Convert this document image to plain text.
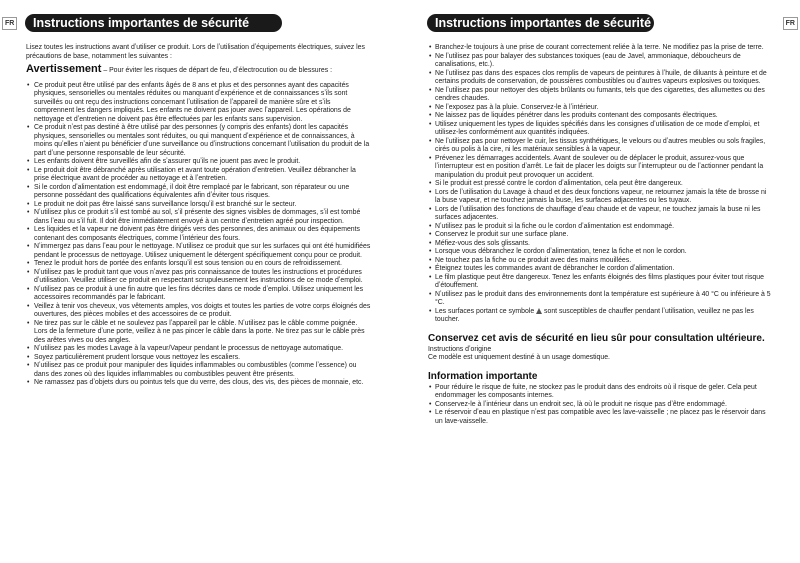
FR	Instructions importantes de sécurité

Lisez toutes les instructions avant dʼutiliser ce produit. Lors de lʼutilisation dʼéquipements électriques, suivez les précautions de base, notamment les suivantes :

Avertissement – Pour éviter les risques de départ de feu, dʼélectrocution ou de blessures :

• Ce produit peut être utilisé par des enfants âgés de 8 ans et plus et des personnes ayant des capacités physiques, sensorielles ou mentales réduites ou manquant dʼexpérience et de connaissances sʼils sont surveillés ou ont reçu des instructions concernant lʼutilisation de lʼappareil de manière sûre et sʼils comprennent les dangers impliqués. Les enfants ne doivent pas jouer avec lʼappareil. Les opérations de nettoyage et dʼentretien ne doivent pas être effectuées par les enfants sans supervision.
• Ce produit nʼest pas destiné à être utilisé par des personnes (y compris des enfants) dont les capacités physiques, sensorielles ou mentales sont réduites, ou qui manquent dʼexpérience et de connaissances, à moins quʼelles nʼaient pu bénéficier dʼune surveillance ou dʼinstructions concernant lʼutilisation du produit de la part dʼune personne responsable de leur sécurité.
• Les enfants doivent être surveillés afin de sʼassurer quʼils ne jouent pas avec le produit.
• Le produit doit être débranché après utilisation et avant toute opération dʼentretien. Veuillez débrancher la prise électrique avant de procéder au nettoyage et à lʼentretien.
• Si le cordon dʼalimentation est endommagé, il doit être remplacé par le fabricant, son réparateur ou une personne possédant des qualifications équivalentes afin dʼéviter tous risques.
• Le produit ne doit pas être laissé sans surveillance lorsquʼil est branché sur le secteur.
• Nʼutilisez plus ce produit sʼil est tombé au sol, sʼil présente des signes visibles de dommages, sʼil est tombé dans lʼeau ou sʼil fuit. Il doit être immédiatement envoyé à un centre dʼentretien agréé pour inspection.
• Les liquides et la vapeur ne doivent pas être dirigés vers des personnes, des animaux ou des équipements contenant des composants électriques, comme lʼintérieur des fours.
• Nʼimmergez pas dans lʼeau pour le nettoyage. Nʼutilisez ce produit que sur les surfaces qui ont été humidifiées pendant le processus de nettoyage. Utilisez uniquement le détergent spécifiquement conçu pour ce produit.
• Tenez le produit hors de portée des enfants lorsquʼil est sous tension ou en cours de refroidissement.
• Nʼutilisez pas le produit tant que vous nʼavez pas pris connaissance de toutes les instructions et procédures dʼutilisation. Veuillez utiliser ce produit en respectant scrupuleusement les instructions de ce mode dʼemploi.
• Nʼutilisez pas ce produit à une fin autre que les fins décrites dans ce mode dʼemploi. Utilisez uniquement les accessoires recommandés par le fabricant.
• Veillez à tenir vos cheveux, vos vêtements amples, vos doigts et toutes les parties de votre corps éloignés des ouvertures, des pièces mobiles et des accessoires de ce produit.
• Ne tirez pas sur le câble et ne soulevez pas lʼappareil par le câble. Nʼutilisez pas le câble comme poignée. Lors de la fermeture dʼune porte, veillez à ne pas pincer le câble dans la porte. Ne tirez pas sur le câble près des arêtes vives ou des angles.
• Nʼutilisez pas les modes Lavage à la vapeur/Vapeur pendant le processus de nettoyage automatique.
• Soyez particulièrement prudent lorsque vous nettoyez les escaliers.
• Nʼutilisez pas ce produit pour manipuler des liquides inflammables ou combustibles (comme lʼessence) ou dans des zones où des liquides inflammables ou combustibles peuvent être présents.
• Ne ramassez pas dʼobjets durs ou pointus tels que du verre, des clous, des vis, des pièces de monnaie, etc.
FR
Instructions importantes de sécurité
• Branchez-le toujours à une prise de courant correctement reliée à la terre. Ne modifiez pas la prise de terre.
• Ne lʼutilisez pas pour balayer des substances toxiques (eau de Javel, ammoniaque, déboucheurs de canalisations, etc.).
• Ne lʼutilisez pas dans des espaces clos remplis de vapeurs de peintures à lʼhuile, de diluants à peinture et de certains produits de conservation, de poussières combustibles ou dʼautres vapeurs explosives ou toxiques.
• Ne lʼutilisez pas pour nettoyer des objets brûlants ou fumants, tels que des cigarettes, des allumettes ou des cendres chaudes.
• Ne lʼexposez pas à la pluie. Conservez-le à lʼintérieur.
• Ne laissez pas de liquides pénétrer dans les produits contenant des composants électriques.
• Utilisez uniquement les types de liquides spécifiés dans les consignes dʼutilisation de ce mode dʼemploi, et utilisez-les conformément aux quantités indiquées.
• Ne lʼutilisez pas pour nettoyer le cuir, les tissus synthétiques, le velours ou dʼautres meubles ou sols fragiles, cirés ou polis à la cire, ni les matériaux sensibles à la vapeur.
• Prévenez les démarrages accidentels. Avant de soulever ou de déplacer le produit, assurez-vous que lʼinterrupteur est en position dʼarrêt. Le fait de placer les doigts sur lʼinterrupteur ou de lʼactionner pendant la manipulation du produit peut provoquer un accident.
• Si le produit est pressé contre le cordon dʼalimentation, cela peut être dangereux.
• Lors de lʼutilisation du Lavage à chaud et des deux fonctions vapeur, ne retournez jamais la tête de brosse ni la buse vapeur, et ne touchez jamais la buse, les surfaces adjacentes ou les tuyaux.
• Lors de lʼutilisation des fonctions de chauffage dʼeau chaude et de vapeur, ne touchez jamais la buse ni les surfaces adjacentes.
• Nʼutilisez pas le produit si la fiche ou le cordon dʼalimentation est endommagé.
• Conservez le produit sur une surface plane.
• Méfiez-vous des sols glissants.
• Lorsque vous débranchez le cordon dʼalimentation, tenez la fiche et non le cordon.
• Ne touchez pas la fiche ou ce produit avec des mains mouillées.
• Éteignez toutes les commandes avant de débrancher le cordon dʼalimentation.
• Le film plastique peut être dangereux. Tenez les enfants éloignés des films plastiques pour éviter tout risque dʼétouffement.
• Nʼutilisez pas le produit dans des environnements dont la température est supérieure à 40 °C ou inférieure à 5 °C.
• Les surfaces portant ce symbole  sont susceptibles de chauffer pendant lʼutilisation, veuillez ne pas les toucher.
Conservez cet avis de sécurité en lieu sûr pour consultation ultérieure.

Instructions dʼorigine

Ce modèle est uniquement destiné à un usage domestique.

Information importante
• Pour réduire le risque de fuite, ne stockez pas le produit dans des endroits où il risque de geler. Cela peut endommager les composants internes.
• Conservez-le à lʼintérieur dans un endroit sec, là où le produit ne risque pas dʼêtre endommagé.
• Le réservoir dʼeau en plastique nʼest pas compatible avec les lave-vaisselle ; ne placez pas le réservoir dans un lave-vaisselle.
